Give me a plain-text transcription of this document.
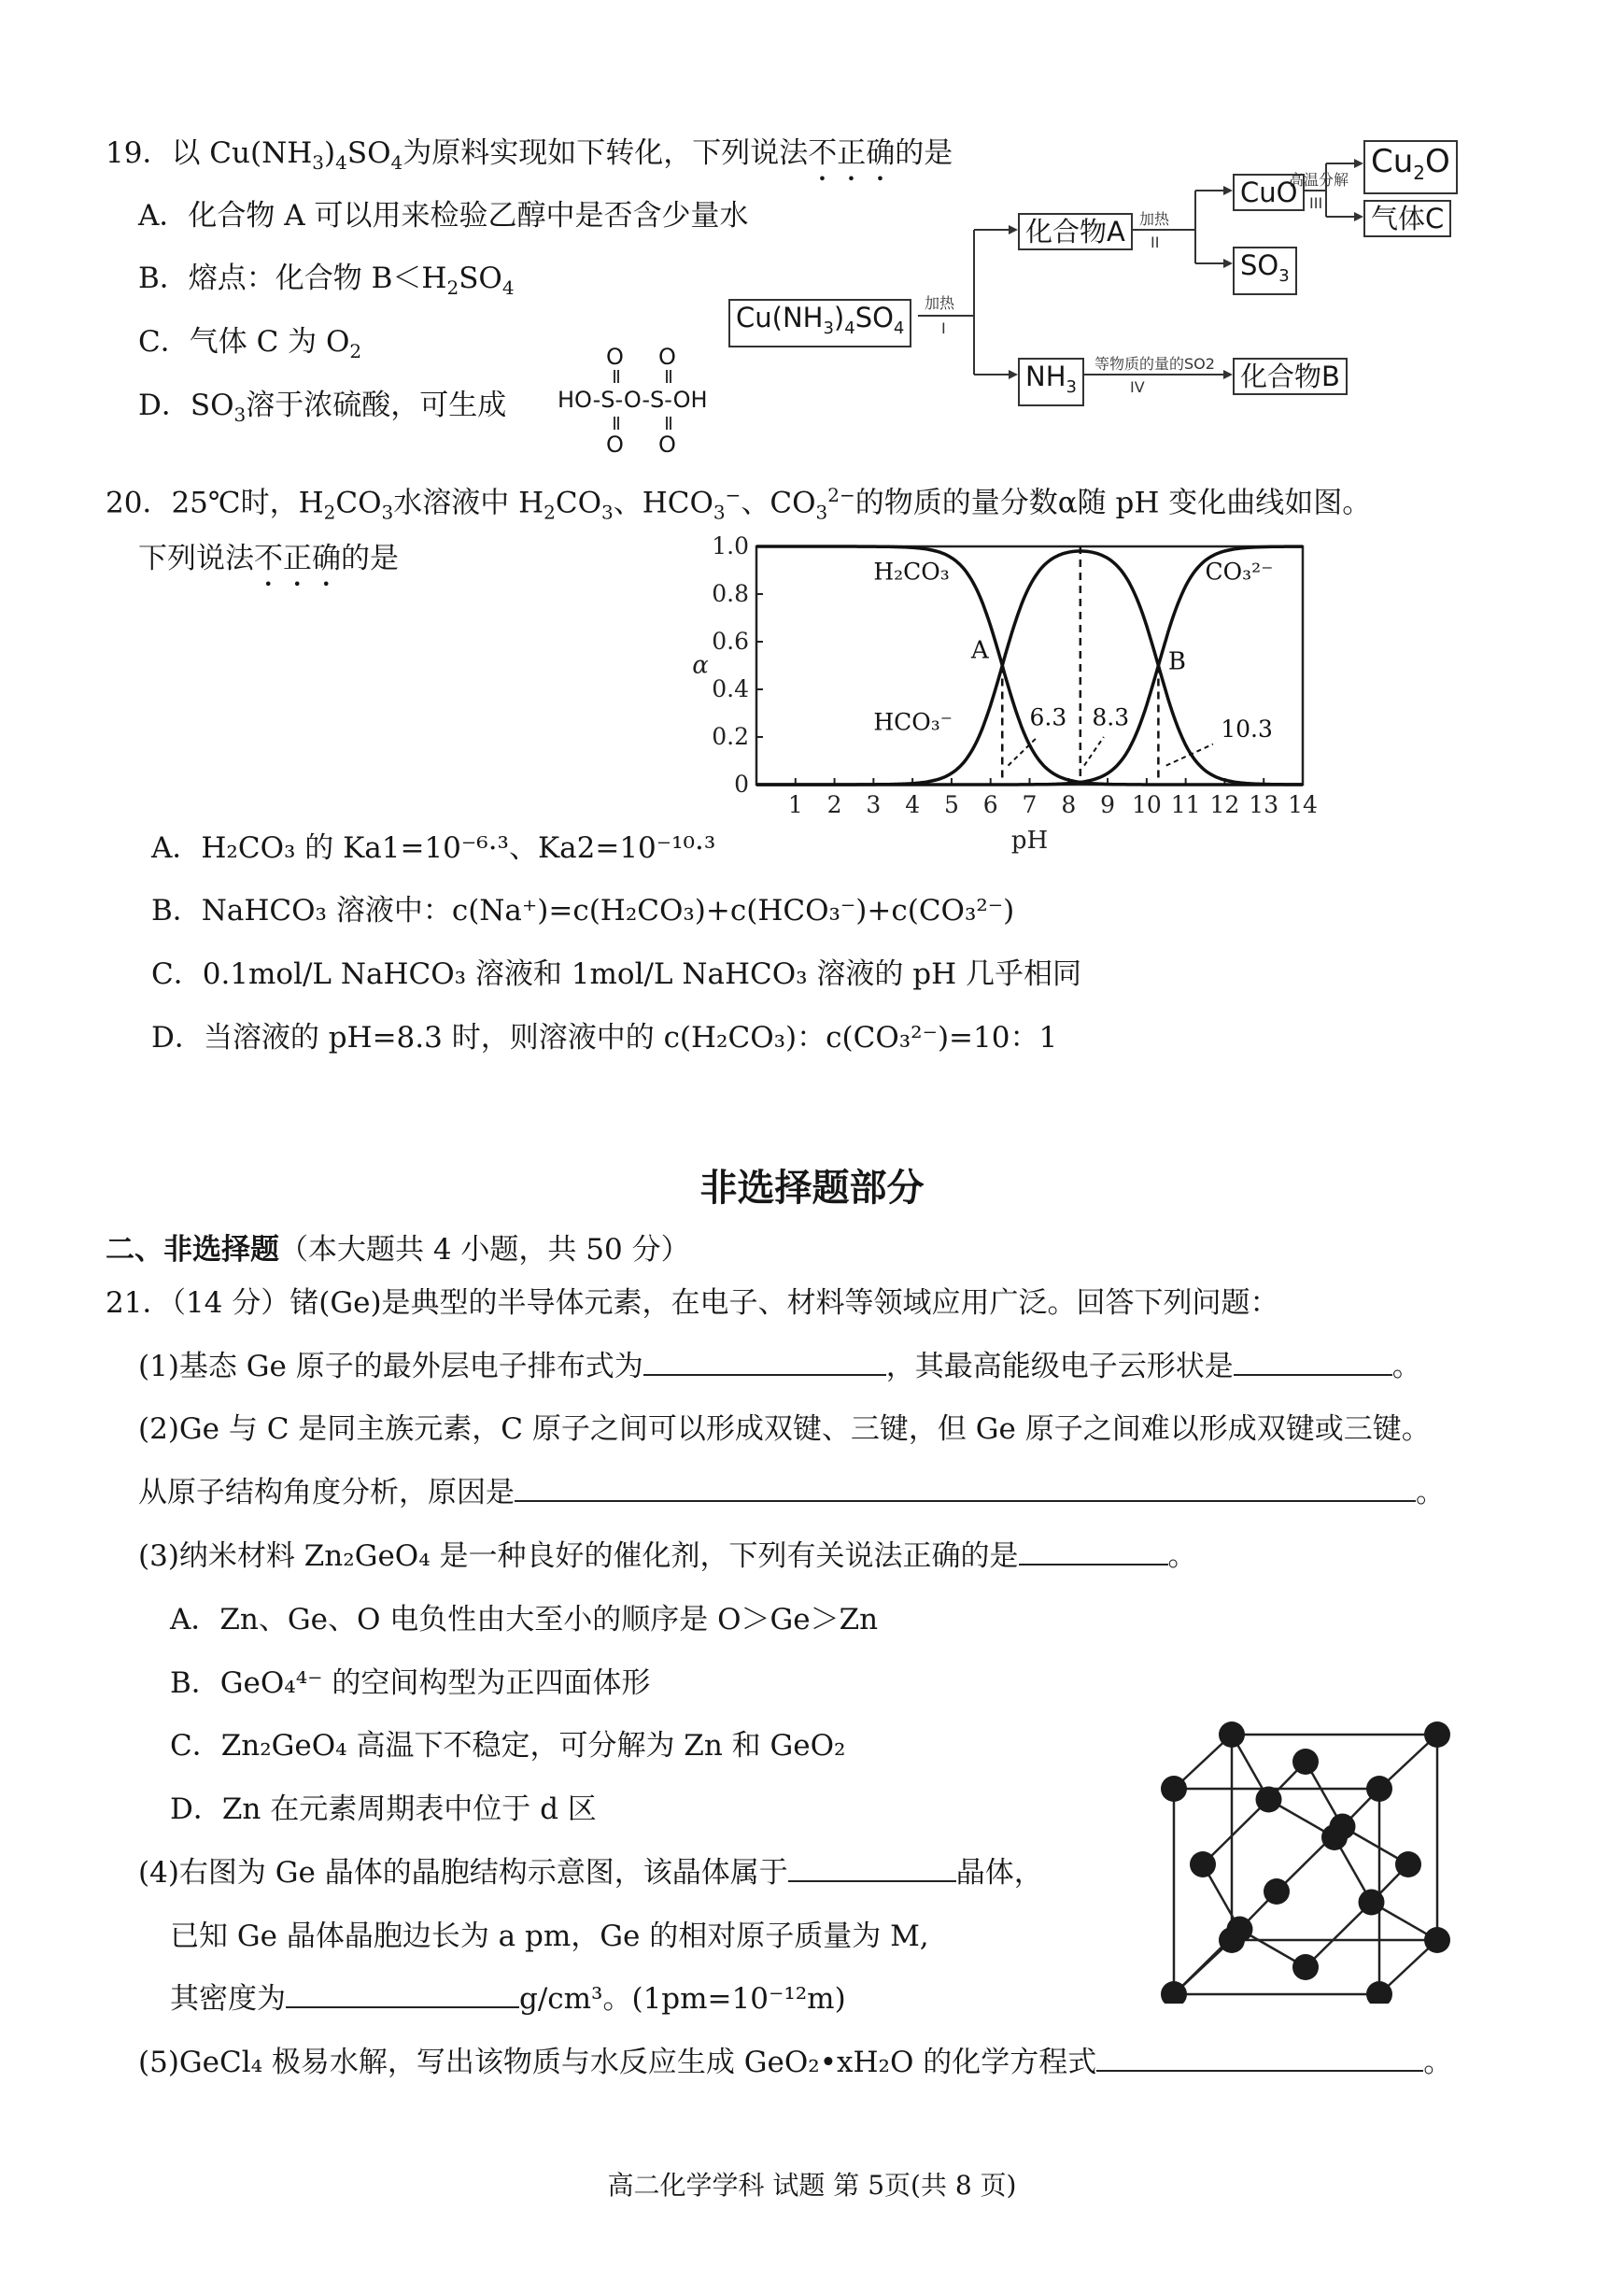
19．以 $Cu(NH_3)_4SO_4$为原料实现如下转化，下列说法不正确的是
A．化合物 A 可以用来检验乙醇中是否含少量水
B．熔点：化合物 $B<H_2SO_4$
C．气体 C 为 $O_2$
D．$SO_3$溶于浓硫酸，可生成
O O
HO-S-O-S-OH
O O
$Cu(NH_3)_4SO_4$
化合物A
CuO
$Cu_2O$
气体C
$SO_3$
$NH_3$	化合物B
加热
I
加热
II
高温分解
III
等物质的量的SO2
IV
20．25℃时，$H_2CO_3$水溶液中 $H_2CO_3$、$HCO_3^-$、$CO_3^{2-}$的物质的量分数α随 pH 变化曲线如图。
下列说法不正确的是
1 2 3 4 5 6 7 8 9 10 11 12 13 14
0
0.2
0.4
0.6
0.8
1.0
pH
α
H₂CO₃
HCO₃⁻
CO₃²⁻
A	B
6.3 8.3	10.3
A．H₂CO₃ 的 Ka1=10⁻⁶·³、Ka2=10⁻¹⁰·³
B．NaHCO₃ 溶液中：c(Na⁺)=c(H₂CO₃)+c(HCO₃⁻)+c(CO₃²⁻)
C．0.1mol/L NaHCO₃ 溶液和 1mol/L NaHCO₃ 溶液的 pH 几乎相同
D．当溶液的 pH=8.3 时，则溶液中的 c(H₂CO₃)：c(CO₃²⁻)=10：1
非选择题部分
二、非选择题（本大题共 4 小题，共 50 分）
21．（14 分）锗(Ge)是典型的半导体元素，在电子、材料等领域应用广泛。回答下列问题：
(1)基态 Ge 原子的最外层电子排布式为	，其最高能级电子云形状是	。
(2)Ge 与 C 是同主族元素，C 原子之间可以形成双键、三键，但 Ge 原子之间难以形成双键或三键。
从原子结构角度分析，原因是	。
(3)纳米材料 Zn₂GeO₄ 是一种良好的催化剂，下列有关说法正确的是	。
A．Zn、Ge、O 电负性由大至小的顺序是 O＞Ge＞Zn
B．GeO₄⁴⁻ 的空间构型为正四面体形
C．Zn₂GeO₄ 高温下不稳定，可分解为 Zn 和 GeO₂
D．Zn 在元素周期表中位于 d 区
(4)右图为 Ge 晶体的晶胞结构示意图，该晶体属于	晶体，
已知 Ge 晶体晶胞边长为 a pm，Ge 的相对原子质量为 M,
其密度为	g/cm³。(1pm=10⁻¹²m)
(5)GeCl₄ 极易水解，写出该物质与水反应生成 GeO₂•xH₂O 的化学方程式	。
高二化学学科 试题 第 5页(共 8 页)
